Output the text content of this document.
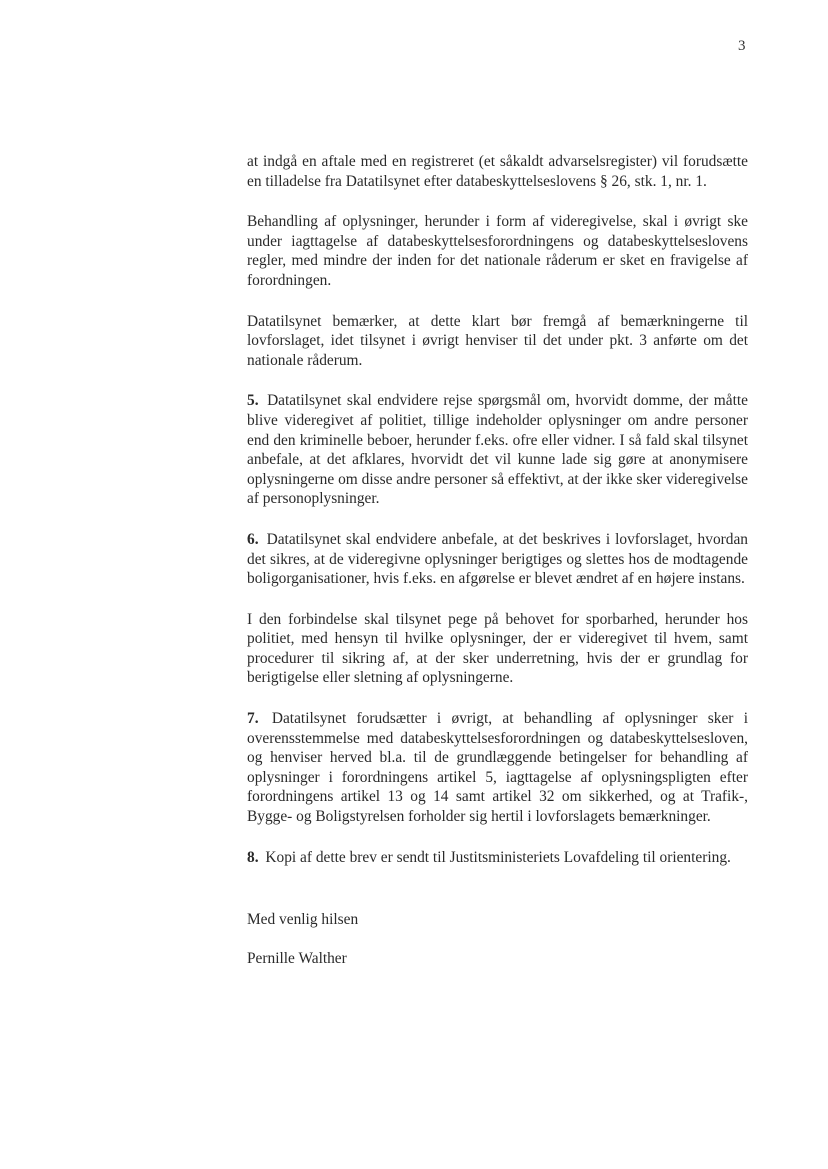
3

at indgå en aftale med en registreret (et såkaldt advarselsregister) vil forudsætte en tilladelse fra Datatilsynet efter databeskyttelseslovens § 26, stk. 1, nr. 1.

Behandling af oplysninger, herunder i form af videregivelse, skal i øvrigt ske under iagttagelse af databeskyttelsesforordningens og databeskyttelseslovens regler, med mindre der inden for det nationale råderum er sket en fravigelse af forordningen.

Datatilsynet bemærker, at dette klart bør fremgå af bemærkningerne til lovforslaget, idet tilsynet i øvrigt henviser til det under pkt. 3 anførte om det nationale råderum.

5. Datatilsynet skal endvidere rejse spørgsmål om, hvorvidt domme, der måtte blive videregivet af politiet, tillige indeholder oplysninger om andre personer end den kriminelle beboer, herunder f.eks. ofre eller vidner. I så fald skal tilsynet anbefale, at det afklares, hvorvidt det vil kunne lade sig gøre at anonymisere oplysningerne om disse andre personer så effektivt, at der ikke sker videregivelse af personoplysninger.

6. Datatilsynet skal endvidere anbefale, at det beskrives i lovforslaget, hvordan det sikres, at de videregivne oplysninger berigtiges og slettes hos de modtagende boligorganisationer, hvis f.eks. en afgørelse er blevet ændret af en højere instans.

I den forbindelse skal tilsynet pege på behovet for sporbarhed, herunder hos politiet, med hensyn til hvilke oplysninger, der er videregivet til hvem, samt procedurer til sikring af, at der sker underretning, hvis der er grundlag for berigtigelse eller sletning af oplysningerne.

7. Datatilsynet forudsætter i øvrigt, at behandling af oplysninger sker i overensstemmelse med databeskyttelsesforordningen og databeskyttelsesloven, og henviser herved bl.a. til de grundlæggende betingelser for behandling af oplysninger i forordningens artikel 5, iagttagelse af oplysningspligten efter forordningens artikel 13 og 14 samt artikel 32 om sikkerhed, og at Trafik-, Bygge- og Boligstyrelsen forholder sig hertil i lovforslagets bemærkninger.

8. Kopi af dette brev er sendt til Justitsministeriets Lovafdeling til orientering.

Med venlig hilsen
Pernille Walther
